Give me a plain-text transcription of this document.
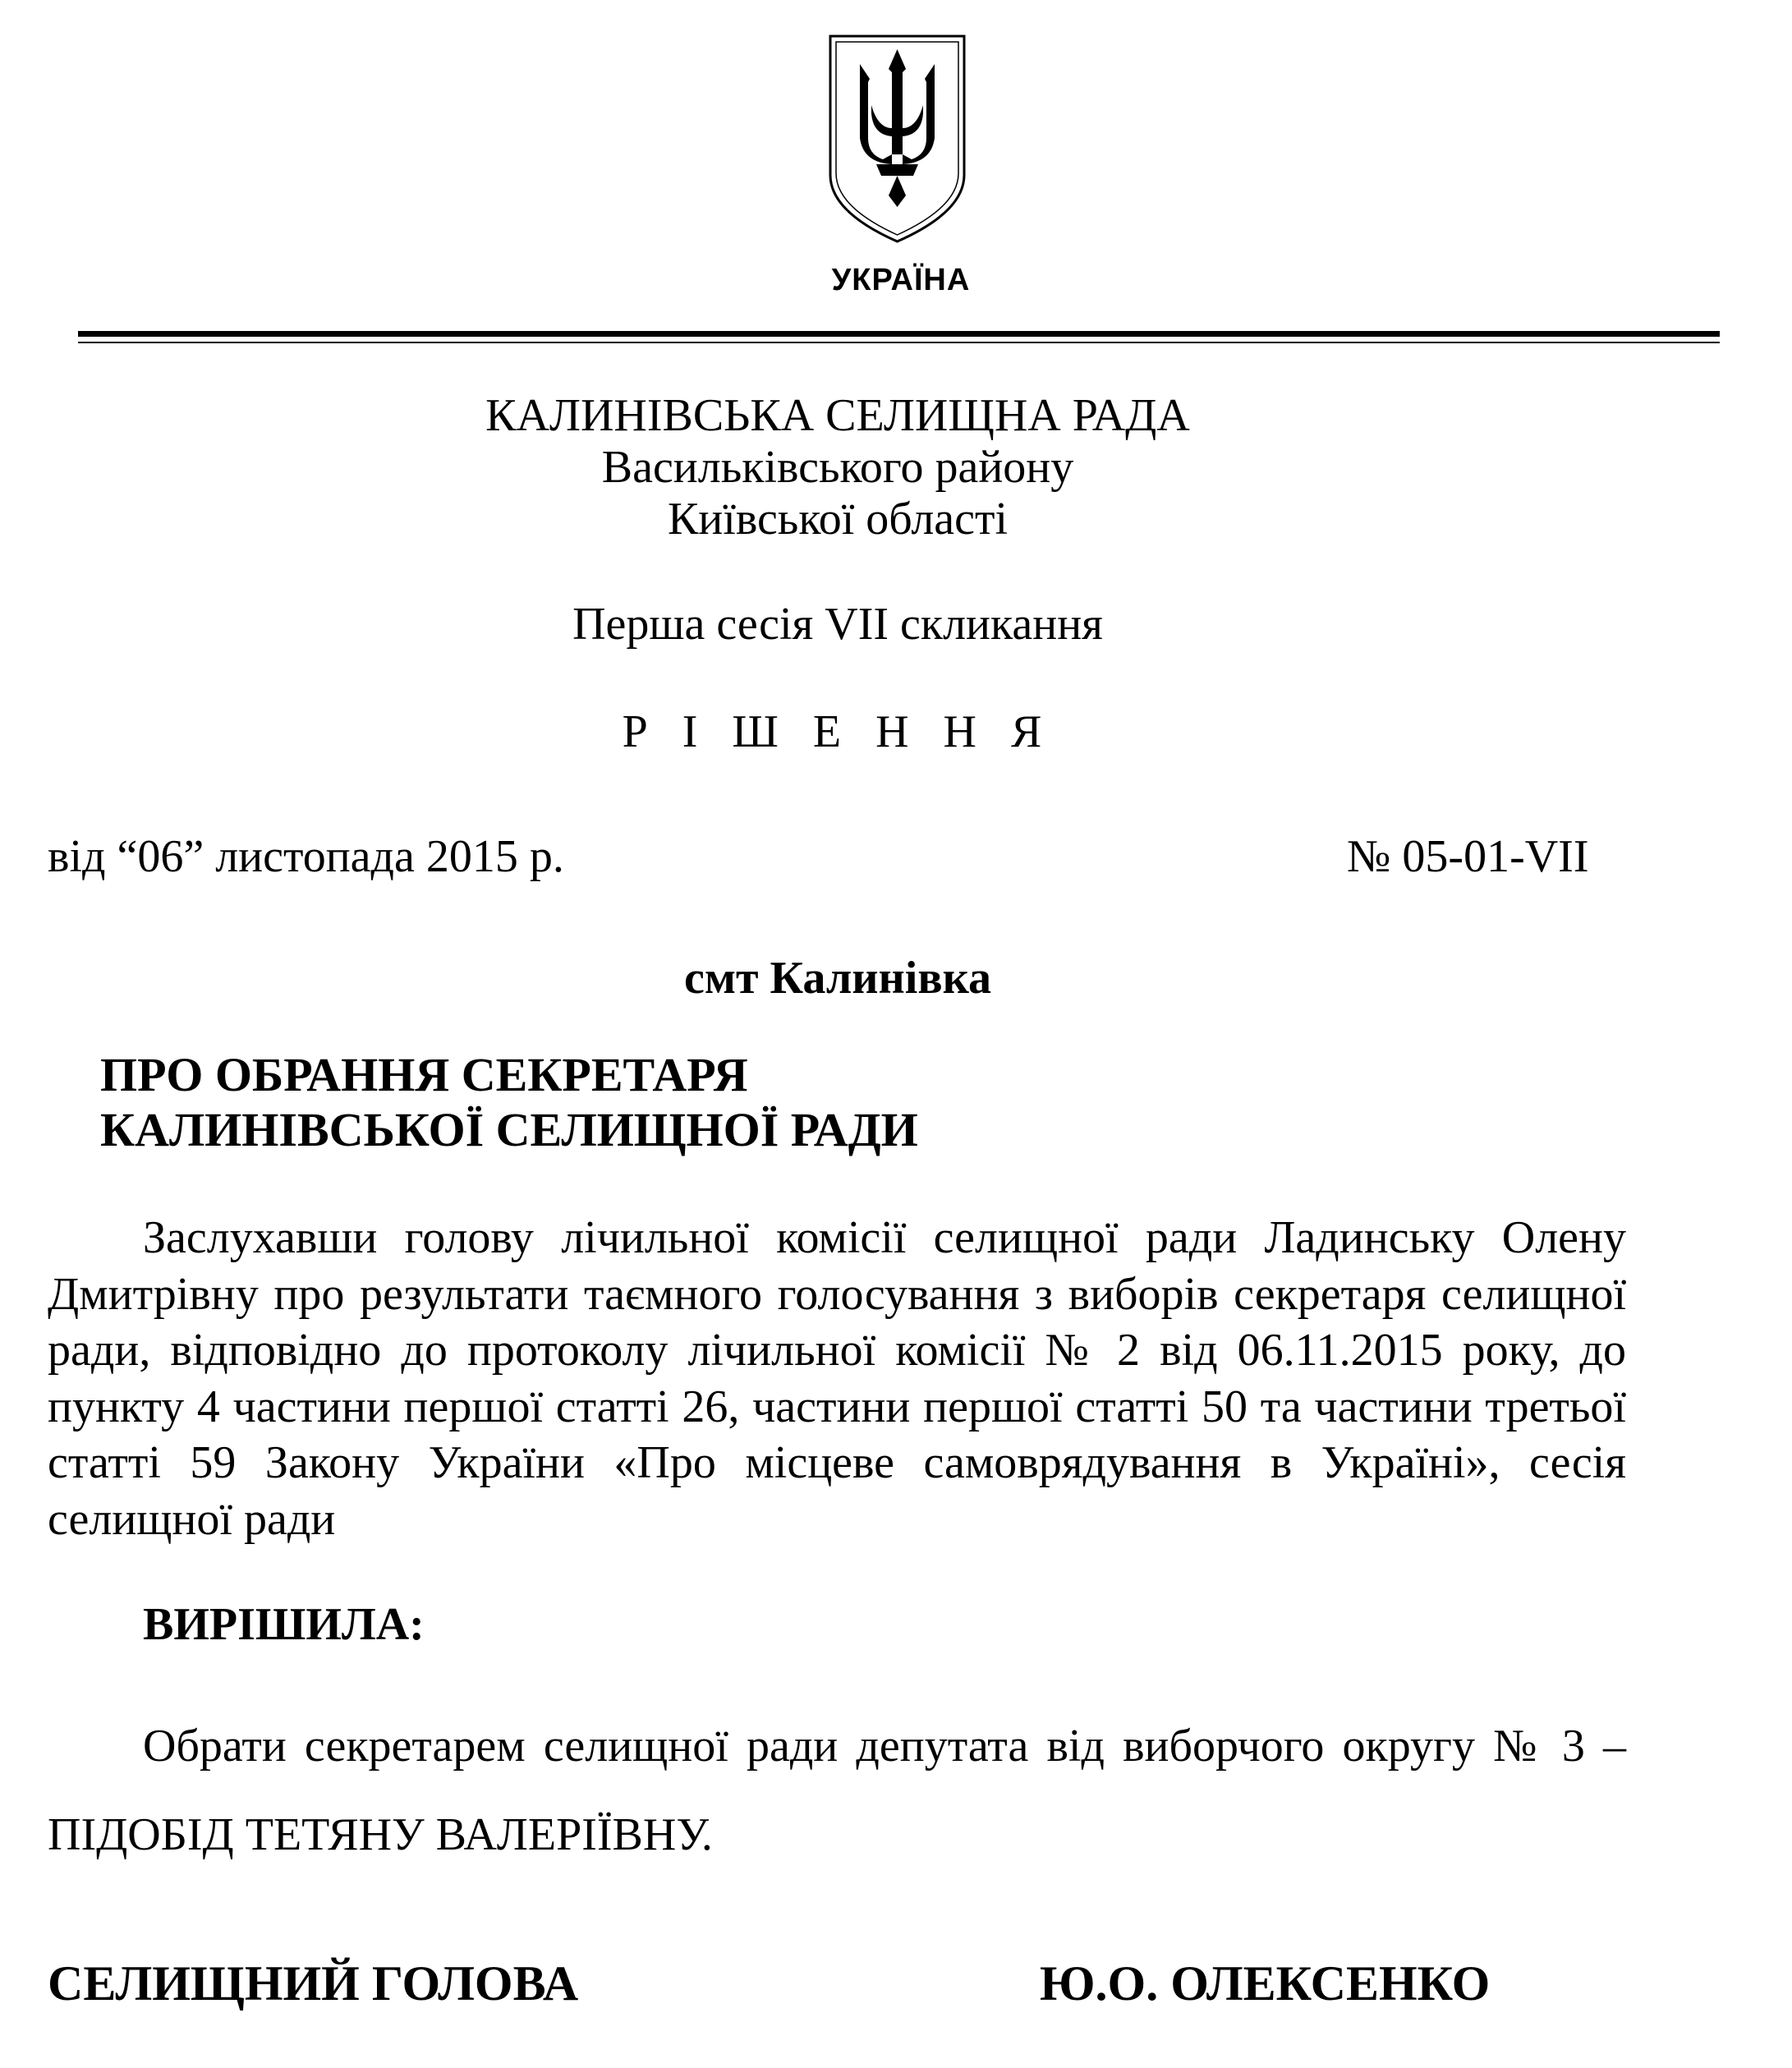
УКРАЇНА
КАЛИНІВСЬКА СЕЛИЩНА РАДА
Васильківського району
Київської області
Перша сесія VII скликання
Р І Ш Е Н Н Я
від “06” листопада 2015 р.	№ 05-01-VII
смт Калинівка
ПРО ОБРАННЯ СЕКРЕТАРЯ
КАЛИНІВСЬКОЇ СЕЛИЩНОЇ РАДИ

Заслухавши голову лічильної комісії селищної ради Ладинську Олену Дмитрівну про результати таємного голосування з виборів секретаря селищної ради, відповідно до протоколу лічильної комісії № 2 від 06.11.2015 року, до пункту 4 частини першої статті 26, частини першої статті 50 та частини третьої статті 59 Закону України «Про місцеве самоврядування в Україні», сесія селищної ради

ВИРІШИЛА:

Обрати секретарем селищної ради депутата від виборчого округу № 3 – ПІДОБІД ТЕТЯНУ ВАЛЕРІЇВНУ.

СЕЛИЩНИЙ ГОЛОВА	Ю.О. ОЛЕКСЕНКО
